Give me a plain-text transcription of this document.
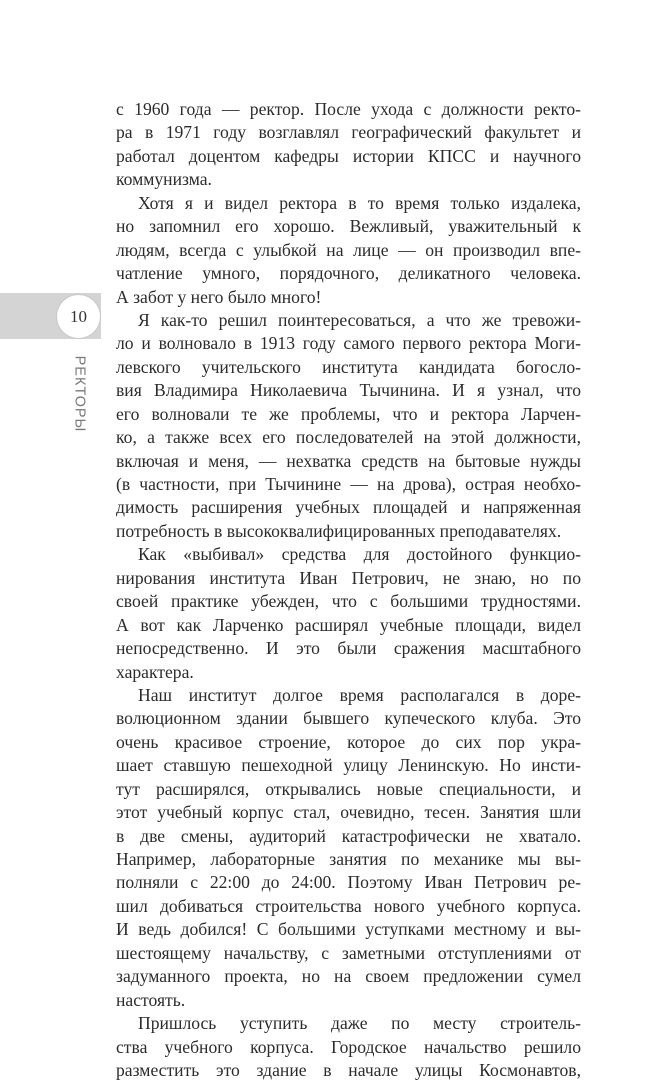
10
РЕКТОРЫ
с 1960 года — ректор. После ухода с должности ректо-
ра в 1971 году возглавлял географический факультет и
работал доцентом кафедры истории КПСС и научного
коммунизма.
Хотя я и видел ректора в то время только издалека,
но запомнил его хорошо. Вежливый, уважительный к
людям, всегда с улыбкой на лице — он производил впе-
чатление умного, порядочного, деликатного человека.
А забот у него было много!
Я как-то решил поинтересоваться, а что же тревожи-
ло и волновало в 1913 году самого первого ректора Моги-
левского учительского института кандидата богосло-
вия Владимира Николаевича Тычинина. И я узнал, что
его волновали те же проблемы, что и ректора Ларчен-
ко, а также всех его последователей на этой должности,
включая и меня, — нехватка средств на бытовые нужды
(в частности, при Тычинине — на дрова), острая необхо-
димость расширения учебных площадей и напряженная
потребность в высококвалифицированных преподавателях.
Как «выбивал» средства для достойного функцио-
нирования института Иван Петрович, не знаю, но по
своей практике убежден, что с большими трудностями.
А вот как Ларченко расширял учебные площади, видел
непосредственно. И это были сражения масштабного
характера.
Наш институт долгое время располагался в доре-
волюционном здании бывшего купеческого клуба. Это
очень красивое строение, которое до сих пор укра-
шает ставшую пешеходной улицу Ленинскую. Но инсти-
тут расширялся, открывались новые специальности, и
этот учебный корпус стал, очевидно, тесен. Занятия шли
в две смены, аудиторий катастрофически не хватало.
Например, лабораторные занятия по механике мы вы-
полняли с 22:00 до 24:00. Поэтому Иван Петрович ре-
шил добиваться строительства нового учебного корпуса.
И ведь добился! С большими уступками местному и вы-
шестоящему начальству, с заметными отступлениями от
задуманного проекта, но на своем предложении сумел
настоять.
Пришлось уступить даже по месту строитель-
ства учебного корпуса. Городское начальство решило
разместить это здание в начале улицы Космонавтов,
